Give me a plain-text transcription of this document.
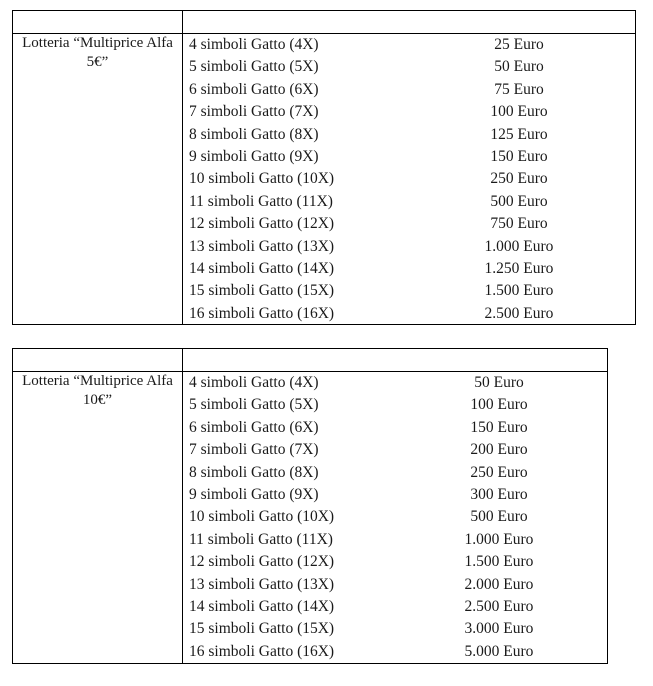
Lotteria “Multiprice Alfa
5€”
4 simboli Gatto (4X)	25 Euro
5 simboli Gatto (5X)	50 Euro
6 simboli Gatto (6X)	75 Euro
7 simboli Gatto (7X)	100 Euro
8 simboli Gatto (8X)	125 Euro
9 simboli Gatto (9X)	150 Euro
10 simboli Gatto (10X)	250 Euro
11 simboli Gatto (11X)	500 Euro
12 simboli Gatto (12X)	750 Euro
13 simboli Gatto (13X)	1.000 Euro
14 simboli Gatto (14X)	1.250 Euro
15 simboli Gatto (15X)	1.500 Euro
16 simboli Gatto (16X)	2.500 Euro
Lotteria “Multiprice Alfa
10€”
4 simboli Gatto (4X)	50 Euro
5 simboli Gatto (5X)	100 Euro
6 simboli Gatto (6X)	150 Euro
7 simboli Gatto (7X)	200 Euro
8 simboli Gatto (8X)	250 Euro
9 simboli Gatto (9X)	300 Euro
10 simboli Gatto (10X)	500 Euro
11 simboli Gatto (11X)	1.000 Euro
12 simboli Gatto (12X)	1.500 Euro
13 simboli Gatto (13X)	2.000 Euro
14 simboli Gatto (14X)	2.500 Euro
15 simboli Gatto (15X)	3.000 Euro
16 simboli Gatto (16X)	5.000 Euro
